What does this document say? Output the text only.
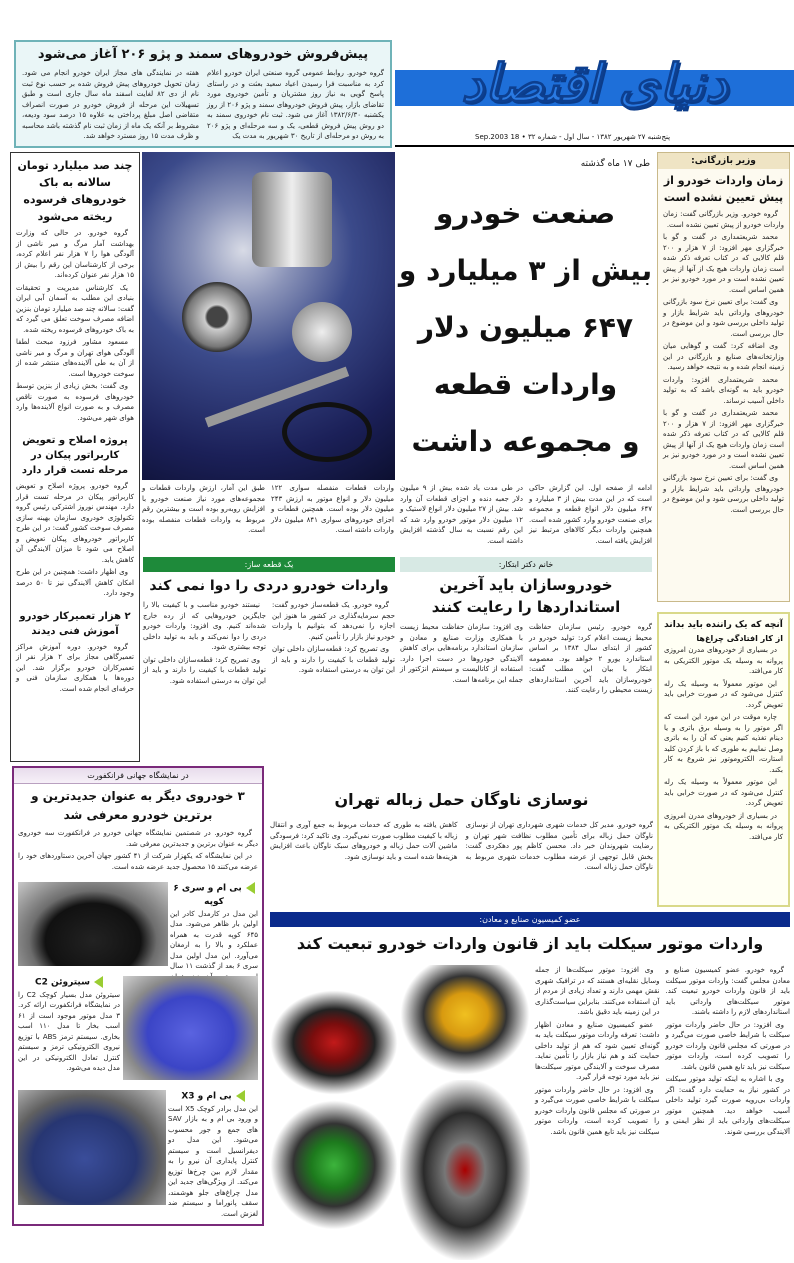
دنیای اقتصاد
پنج‌شنبه ۲۷ شهریور ۱۳۸۲ - سال اول - شماره ۳۲ • 18 Sep.2003
پیش‌فروش خودروهای سمند و پژو ۲۰۶ آغاز می‌شود
گروه خودرو. روابط عمومی گروه صنعتی ایران خودرو اعلام کرد به مناسبت فرا رسیدن اعیاد سعید بعثت و در راستای پاسخ گویی به نیاز روز مشتریان و تأمین خودروی مورد تقاضای بازار، پیش فروش خودروهای سمند و پژو ۲۰۶ از روز یکشنبه ۱۳۸۲/۶/۳۰ آغاز می شود. ثبت نام خودروی سمند به دو روش پیش فروش قطعی، یک و سه مرحله‌ای و پژو ۲۰۶ به روش دو مرحله‌ای از تاریخ ۳۰ شهریور به مدت یک
هفته در نمایندگی های مجاز ایران خودرو انجام می شود. زمان تحویل خودروهای پیش فروش شده بر حسب نوع ثبت نام از دی ۸۲ لغایت اسفند ماه سال جاری است و طبق تسهیلات این مرحله از فروش خودرو در صورت انصراف متقاضی اصل مبلغ پرداختی به علاوه ۱۵ درصد سود ودیعه، مشروط بر آنکه یک ماه از زمان ثبت نام گذشته باشد محاسبه و ظرف مدت ۱۵ روز مسترد خواهد شد.
چند صد میلیارد تومان سالانه به باک خودروهای فرسوده ریخته می‌شود

گروه خودرو. در حالی که وزارت بهداشت آمار مرگ و میر ناشی از آلودگی هوا را ۷ هزار نفر اعلام کرده، برخی از کارشناسان این رقم را بیش از ۱۵ هزار نفر عنوان کرده‌اند.

یک کارشناس مدیریت و تحقیقات بنیادی این مطلب به آسمان آبی ایران گفت: سالانه چند صد میلیارد تومان بنزین اضافه مصرف سوخت تعلق می گیرد که به باک خودروهای فرسوده ریخته شده.

مسعود مشاور فرزود مبحث لطفا آلودگی هوای تهران و مرگ و میر ناشی از آن به طی آلاینده‌های منتشر شده از سوخت خودروها است.

وی گفت: بخش زیادی از بنزین توسط خودروهای فرسوده به صورت ناقص مصرف و به صورت انواع آلاینده‌ها وارد هوای شهر می‌شود.

پروژه اصلاح و تعویض کاربراتور پیکان در مرحله تست قرار دارد

گروه خودرو. پروژه اصلاح و تعویض کاربراتور پیکان در مرحله تست قرار دارد. مهندس نوروز اشترکی رئیس گروه تکنولوژی خودروی سازمان بهینه سازی مصرف سوخت کشور گفت: در این طرح کاربراتور خودروهای پیکان تعویض و اصلاح می شود تا میزان آلایندگی آن کاهش یابد.

وی اظهار داشت: همچنین در این طرح امکان کاهش آلایندگی نیز تا ۵۰ درصد وجود دارد.

۲ هزار تعمیرکار خودرو آموزش فنی دیدند

گروه خودرو. دوره آموزش مراکز تعمیرگاهی مجاز برای ۲ هزار نفر از تعمیرکاران خودرو برگزار شد. این دوره‌ها با همکاری سازمان فنی و حرفه‌ای انجام شده است.

طی ۱۷ ماه گذشته
صنعت خودرو
بیش از ۳ میلیارد و
۶۴۷ میلیون دلار
واردات قطعه
و مجموعه داشت
ادامه از صفحه اول. این گزارش حاکی است که در این مدت بیش از ۳ میلیارد و ۶۴۷ میلیون دلار انواع قطعه و مجموعه برای صنعت خودرو وارد کشور شده است. همچنین واردات دیگر کالاهای مرتبط نیز افزایش یافته است.
در طی مدت یاد شده بیش از ۹ میلیون دلار جعبه دنده و اجزای قطعات آن وارد شد. بیش از ۲۷ میلیون دلار انواع لاستیک و ۱۲ میلیون دلار موتور خودرو وارد شد که این رقم نسبت به سال گذشته افزایش داشته است.
واردات قطعات منفصله سواری ۱۲۲ میلیون دلار و انواع موتور به ارزش ۲۴۳ میلیون دلار بوده است. همچنین قطعات و اجزای خودروهای سواری ۸۴۱ میلیون دلار واردات داشته است.
طبق این آمار، ارزش واردات قطعات و مجموعه‌های مورد نیاز صنعت خودرو با افزایش روبه‌رو بوده است و بیشترین رقم مربوط به واردات قطعات منفصله بوده است.
خانم دکتر ابتکار:
خودروسازان باید آخرین استانداردها را رعایت کنند
گروه خودرو. رئیس سازمان حفاظت محیط زیست اعلام کرد: تولید خودرو در کشور از ابتدای سال ۱۳۸۴ بر اساس استاندارد یورو ۲ خواهد بود. معصومه ابتکار با بیان این مطلب گفت: خودروسازان باید آخرین استانداردهای زیست محیطی را رعایت کنند.
وی افزود: سازمان حفاظت محیط زیست با همکاری وزارت صنایع و معادن و سازمان استاندارد برنامه‌هایی برای کاهش آلایندگی خودروها در دست اجرا دارد. استفاده از کاتالیست و سیستم انژکتور از جمله این برنامه‌ها است.
یک قطعه ساز:
واردات خودرو دردی را دوا نمی کند

گروه خودرو. یک قطعه‌ساز خودرو گفت: حجم سرمایه‌گذاری در کشور ما هنوز این اجازه را نمی‌دهد که بتوانیم با واردات خودرو نیاز بازار را تأمین کنیم.

وی تصریح کرد: قطعه‌سازان داخلی توان تولید قطعات با کیفیت را دارند و باید از این توان به درستی استفاده شود.

نیستند خودرو مناسب و با کیفیت بالا را جایگزین خودروهایی که از رده خارج شده‌اند کنیم. وی افزود: واردات خودرو دردی را دوا نمی‌کند و باید به تولید داخلی توجه بیشتری شود.

وی تصریح کرد: قطعه‌سازان داخلی توان تولید قطعات با کیفیت را دارند و باید از این توان به درستی استفاده شود.

وزیر بازرگانی:
زمان واردات خودرو از پیش تعیین نشده است

گروه خودرو. وزیر بازرگانی گفت: زمان واردات خودرو از پیش تعیین نشده است.

محمد شریعتمداری در گفت و گو با خبرگزاری مهر افزود: از ۷ هزار و ۲۰۰ قلم کالایی که در کتاب تعرفه ذکر شده است زمان واردات هیچ یک از آنها از پیش تعیین نشده است و در مورد خودرو نیز بر همین اساس است.

وی گفت: برای تعیین نرخ سود بازرگانی خودروهای وارداتی باید شرایط بازار و تولید داخلی بررسی شود و این موضوع در حال بررسی است.

وی اضافه کرد: گفت و گوهایی میان وزارتخانه‌های صنایع و بازرگانی در این زمینه انجام شده و به نتیجه خواهد رسید.

محمد شریعتمداری افزود: واردات خودرو باید به گونه‌ای باشد که به تولید داخلی آسیب نرساند.

محمد شریعتمداری در گفت و گو با خبرگزاری مهر افزود: از ۷ هزار و ۲۰۰ قلم کالایی که در کتاب تعرفه ذکر شده است زمان واردات هیچ یک از آنها از پیش تعیین نشده است و در مورد خودرو نیز بر همین اساس است.

وی گفت: برای تعیین نرخ سود بازرگانی خودروهای وارداتی باید شرایط بازار و تولید داخلی بررسی شود و این موضوع در حال بررسی است.

آنچه که یک راننده باید بداند
از کار افتادگی چراغ‌ها

در بسیاری از خودروهای مدرن امروزی پروانه به وسیله یک موتور الکتریکی به کار می‌افتد.

این موتور معمولاً به وسیله یک رله کنترل می‌شود که در صورت خرابی باید تعویض گردد.

چاره موقت در این مورد این است که اگر موتور را به وسیله برق باتری و یا دینام تغذیه کنیم یعنی که آن را به باتری وصل نماییم به طوری که با باز کردن کلید استارت، الکتروموتور نیز شروع به کار بکند.

این موتور معمولاً به وسیله یک رله کنترل می‌شود که در صورت خرابی باید تعویض گردد.

در بسیاری از خودروهای مدرن امروزی پروانه به وسیله یک موتور الکتریکی به کار می‌افتد.

در نمایشگاه جهانی فرانکفورت
۳ خودروی دیگر به عنوان جدیدترین و برترین خودرو معرفی شد

گروه خودرو. در شصتمین نمایشگاه جهانی خودرو در فرانکفورت سه خودروی دیگر به عنوان برترین و جدیدترین معرفی شد.

در این نمایشگاه که یکهزار شرکت از ۴۱ کشور جهان آخرین دستاوردهای خود را عرضه می‌کنند ۱۵ محصول جدید عرضه شده است.

بی ام و سری ۶ کوپه
این مدل در کارمدل کادر این اولین بار ظاهر می‌شود. مدل ۶۴۵ کوپه قدرت به همراه عملکرد و بالا را به ارمغان می‌آورد. این مدل اولین مدل سری ۶ بعد از گذشت ۱۱ سال
سیتروئن C2
سیتروئن مدل بسیار کوچک C2 را در نمایشگاه فرانکفورت ارائه کرد. ۳ مدل موتور موجود است از ۶۱ اسب بخار تا مدل ۱۱۰ اسب بخاری. سیستم ترمز ABS با توزیع نیروی الکترونیکی ترمز و سیستم کنترل تعادل الکترونیکی در این مدل دیده می‌شود.
بی ام و X3
این مدل برادر کوچک X5 است و ورود بی ام و به بازار SAV های جمع و جور محسوب می‌شود. این مدل دو دیفرانسیل است و سیستم کنترل پایداری آن نیرو را به مقدار لازم بین چرخ‌ها توزیع می‌کند. از ویژگی‌های جدید این مدل چراغ‌های جلو هوشمند، سقف پانوراما و سیستم ضد لغزش است.
نوسازی ناوگان حمل زباله تهران
گروه خودرو. مدیر کل خدمات شهری شهرداری تهران از نوسازی ناوگان حمل زباله برای تأمین مطلوب نظافت شهر تهران و رضایت شهروندان خبر داد. محسن کاظم پور دهکردی گفت: بخش قابل توجهی از عرضه مطلوب خدمات شهری مربوط به ناوگان حمل زباله است.
کاهش یافته به طوری که خدمات مربوط به جمع آوری و انتقال زباله با کیفیت مطلوب صورت نمی‌گیرد. وی تاکید کرد: فرسودگی ماشین آلات حمل زباله و خودروهای سبک ناوگان باعث افزایش هزینه‌ها شده است و باید نوسازی شود.
عضو کمیسیون صنایع و معادن:
واردات موتور سیکلت باید از قانون واردات خودرو تبعیت کند

گروه خودرو. عضو کمیسیون صنایع و معادن مجلس گفت: واردات موتور سیکلت باید از قانون واردات خودرو تبعیت کند. موتور سیکلت‌های وارداتی باید استانداردهای لازم را داشته باشند.

وی افزود: در حال حاضر واردات موتور سیکلت با شرایط خاصی صورت می‌گیرد و در صورتی که مجلس قانون واردات خودرو را تصویب کرده است، واردات موتور سیکلت نیز باید تابع همین قانون باشد.

وی با اشاره به اینکه تولید موتور سیکلت در کشور نیاز به حمایت دارد گفت: اگر واردات بی‌رویه صورت گیرد تولید داخلی آسیب خواهد دید. همچنین موتور سیکلت‌های وارداتی باید از نظر ایمنی و آلایندگی بررسی شوند.

وی افزود: موتور سیکلت‌ها از جمله وسایل نقلیه‌ای هستند که در ترافیک شهری نقش مهمی دارند و تعداد زیادی از مردم از آن استفاده می‌کنند. بنابراین سیاست‌گذاری در این زمینه باید دقیق باشد.

عضو کمیسیون صنایع و معادن اظهار داشت: تعرفه واردات موتور سیکلت باید به گونه‌ای تعیین شود که هم از تولید داخلی حمایت کند و هم نیاز بازار را تأمین نماید. مصرف سوخت و آلایندگی موتور سیکلت‌ها نیز باید مورد توجه قرار گیرد.

وی افزود: در حال حاضر واردات موتور سیکلت با شرایط خاصی صورت می‌گیرد و در صورتی که مجلس قانون واردات خودرو را تصویب کرده است، واردات موتور سیکلت نیز باید تابع همین قانون باشد.
